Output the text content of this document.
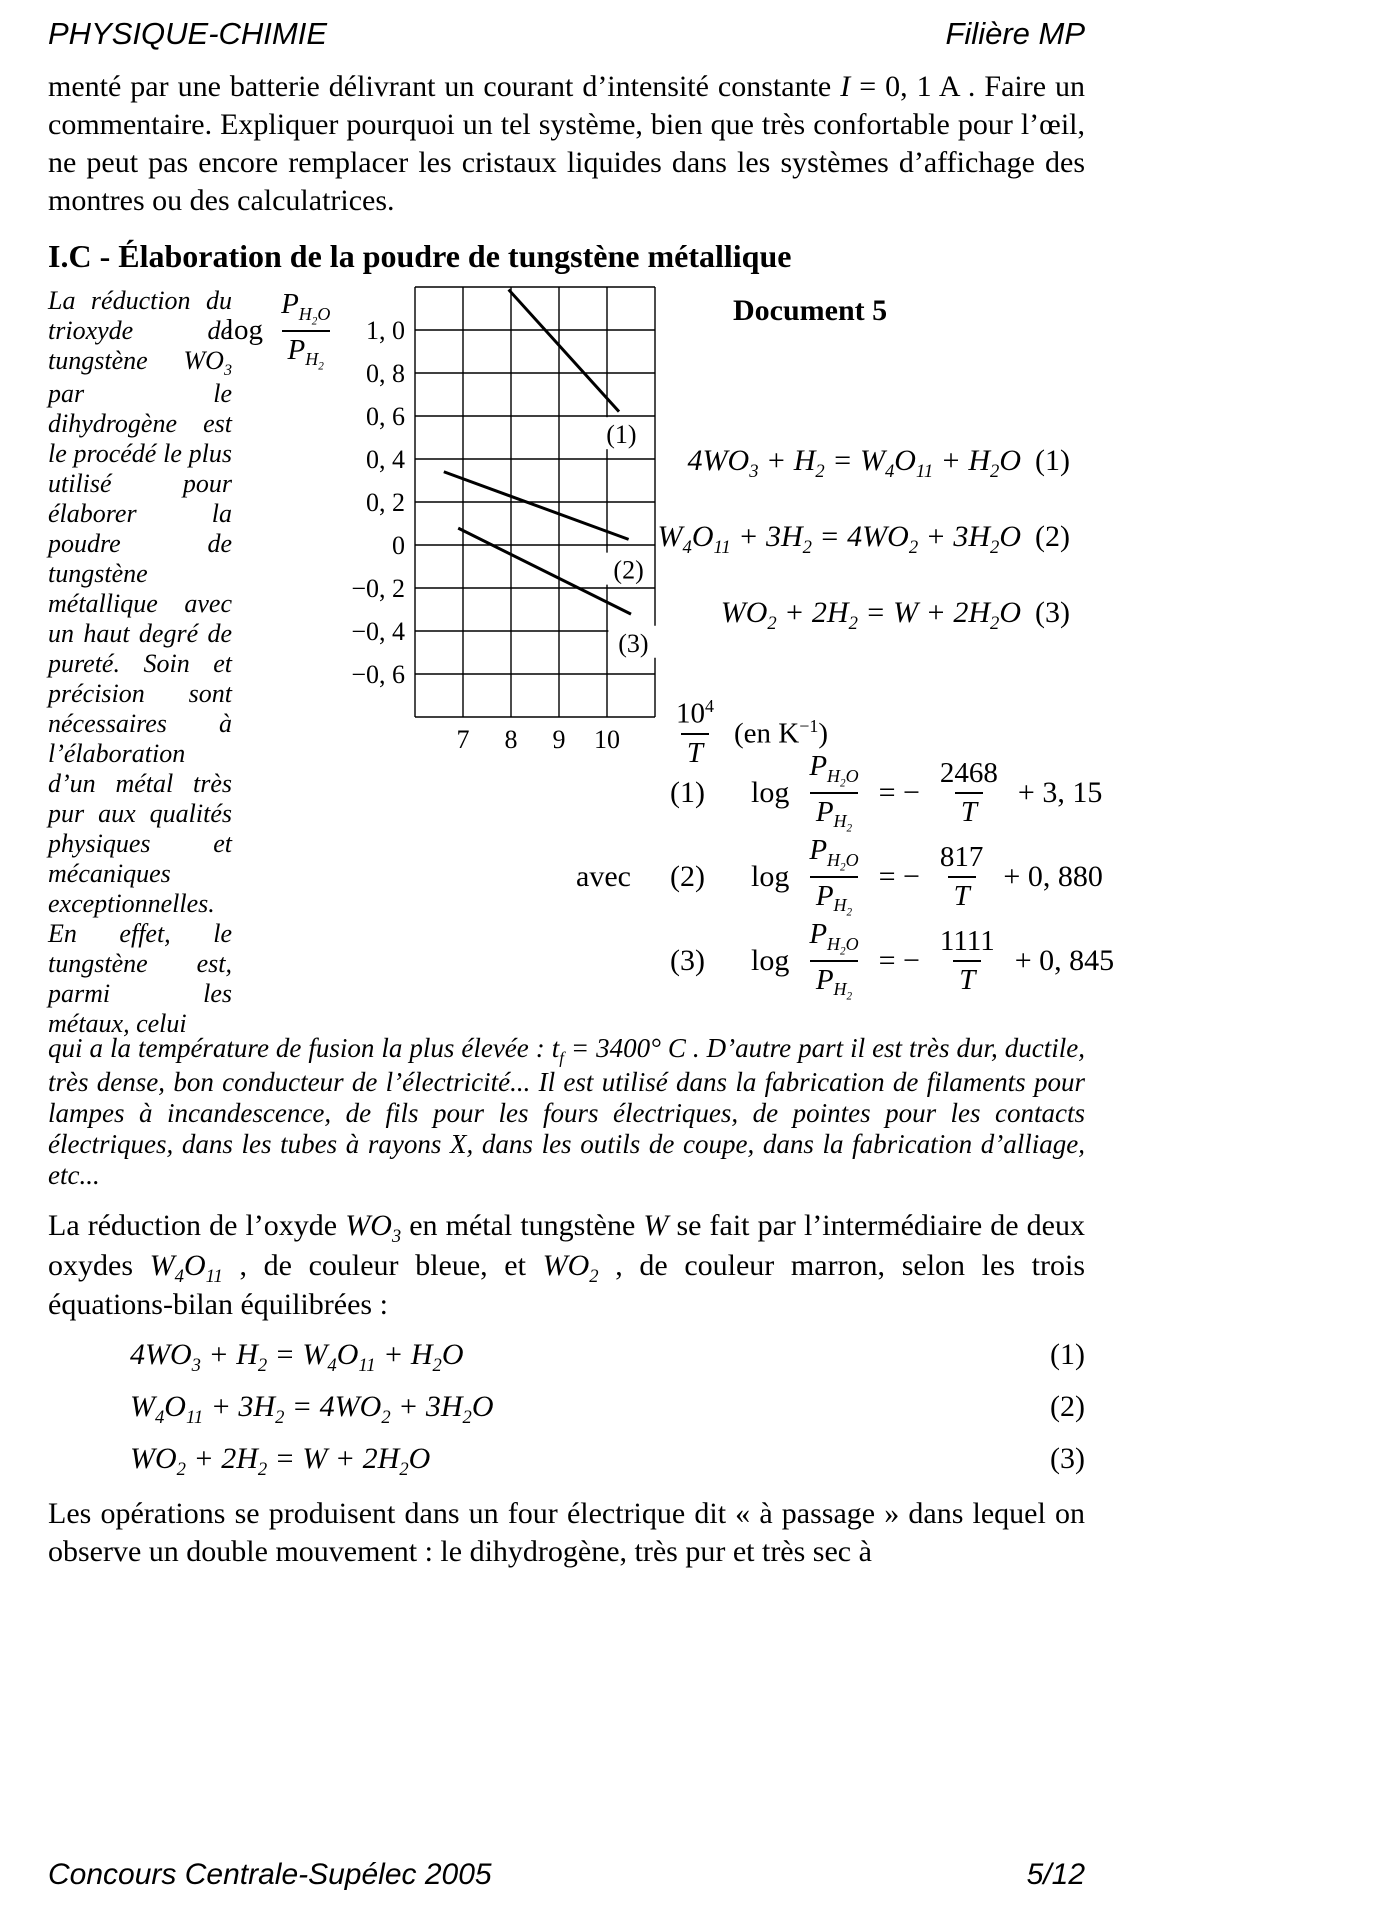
PHYSIQUE-CHIMIE	Filière MP

menté par une batterie délivrant un courant d’intensité constante I = 0, 1 A . Faire un commentaire. Expliquer pourquoi un tel système, bien que très confortable pour l’œil, ne peut pas encore remplacer les cristaux liquides dans les systèmes d’affichage des montres ou des calculatrices.

I.C - Élaboration de la poudre de tungstène métallique
La réduction du trioxyde de tungstène $WO_3$ par le dihydrogène est le procédé le plus utilisé pour élaborer la poudre de tungstène métallique avec un haut degré de pureté. Soin et précision sont nécessaires à l’élaboration d’un métal très pur aux qualités physiques et mécaniques exceptionnelles. En effet, le tungstène est, parmi les métaux, celui
$\log \frac{P_{H_2O}}{P_{H_2}} 1$, 0
0, 8
0, 6
0, 4
0, 2
0
−0, 2
−0, 4
−0, 6
7 8 9 10
(1)
(2)
(3)
Document 5
$4WO_3 + H_2 = W_4O_{11} + H_2O$ (1)
$W_4O_{11} + 3H_2 = 4WO_2 + 3H_2O$ (2)
$WO_2 + 2H_2 = W + 2H_2O$ (3)
$\frac{10^4}{T} (en$ $K^{-1}$)
avec
(1) $\log \frac{P_{H_2O}}{P_{H_2}}$ = − $\frac{2468}{T} + 3$, 15
(2) $\log \frac{P_{H_2O}}{P_{H_2}}$ = − $\frac{817}{T} + 0$, 880
(3) $\log \frac{P_{H_2O}}{P_{H_2}}$ = − $\frac{1111}{T} + 0$, 845

qui a la température de fusion la plus élevée : $t_f = 3400^\circ$ C . D’autre part il est très dur, ductile, très dense, bon conducteur de l’électricité... Il est utilisé dans la fabrication de filaments pour lampes à incandescence, de fils pour les fours électriques, de pointes pour les contacts électriques, dans les tubes à rayons X, dans les outils de coupe, dans la fabrication d’alliage, etc...

La réduction de l’oxyde $WO_3$ en métal tungstène W se fait par l’intermédiaire de deux oxydes $W_4O_{11}$ , de couleur bleue, et $WO_2$ , de couleur marron, selon les trois équations-bilan équilibrées :

$4WO_3 + H_2 = W_4O_{11} + H_2O$	(1)
$W_4O_{11} + 3H_2 = 4WO_2 + 3H_2O$	(2)
$WO_2 + 2H_2 = W + 2H_2O$	(3)

Les opérations se produisent dans un four électrique dit « à passage » dans lequel on observe un double mouvement : le dihydrogène, très pur et très sec à

Concours Centrale-Supélec 2005	5/12
